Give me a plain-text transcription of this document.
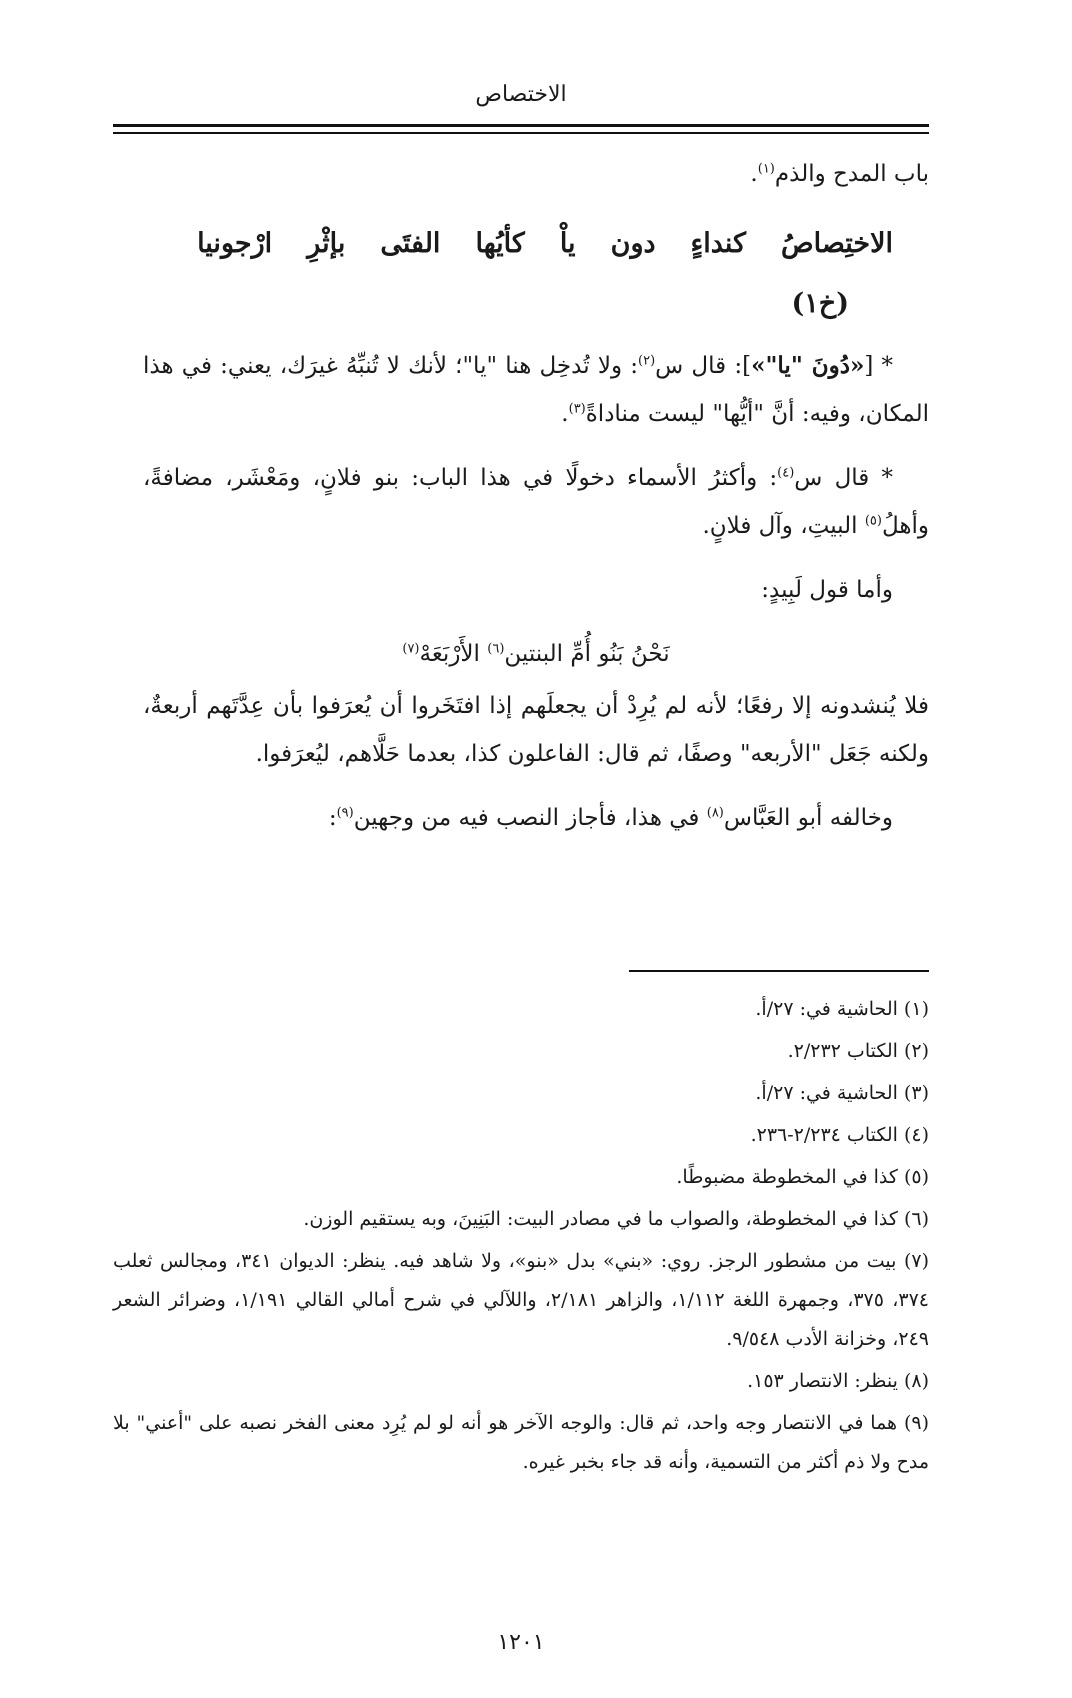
الاختصاص

باب المدح والذم$^{(١)}$.

الاختِصاصُ
كنداءٍ
دون
ياْ
كأيُها
الفتَى
بإثْرِ
ارْجونيا
(خ١)

* [«دُونَ "يا"»]: قال س$^{(٢)}$: ولا تُدخِل هنا "يا"؛ لأنك لا تُنبِّهُ غيرَك، يعني: في هذا المكان، وفيه: أنَّ "أيُّها" ليست مناداةً$^{(٣)}$.

* قال س$^{(٤)}$: وأكثرُ الأسماء دخولًا في هذا الباب: بنو فلانٍ، ومَعْشَر، مضافةً، وأهلُ$^{(٥)}$ البيتِ، وآل فلانٍ.

وأما قول لَبِيدٍ:

نَحْنُ بَنُو أُمِّ البنتين$^{(٦)}$ الأَرْبَعَهْ$^{(٧)}$

فلا يُنشدونه إلا رفعًا؛ لأنه لم يُرِدْ أن يجعلَهم إذا افتَخَروا أن يُعرَفوا بأن عِدَّتَهم أربعةٌ، ولكنه جَعَل "الأربعه" وصفًا، ثم قال: الفاعلون كذا، بعدما حَلَّاهم، ليُعرَفوا.

وخالفه أبو العَبَّاس$^{(٨)}$ في هذا، فأجاز النصب فيه من وجهين$^{(٩)}$:

(١) الحاشية في: ٢٧/أ.

(٢) الكتاب ٢/٢٣٢.

(٣) الحاشية في: ٢٧/أ.

(٤) الكتاب ٢/٢٣٤-٢٣٦.

(٥) كذا في المخطوطة مضبوطًا.

(٦) كذا في المخطوطة، والصواب ما في مصادر البيت: البَنِينَ، وبه يستقيم الوزن.

(٧) بيت من مشطور الرجز. روي: «بني» بدل «بنو»، ولا شاهد فيه. ينظر: الديوان ٣٤١، ومجالس ثعلب ٣٧٤، ٣٧٥، وجمهرة اللغة ١/١١٢، والزاهر ٢/١٨١، واللآلي في شرح أمالي القالي ١/١٩١، وضرائر الشعر ٢٤٩، وخزانة الأدب ٩/٥٤٨.

(٨) ينظر: الانتصار ١٥٣.

(٩) هما في الانتصار وجه واحد، ثم قال: والوجه الآخر هو أنه لو لم يُرِد معنى الفخر نصبه على "أعني" بلا مدح ولا ذم أكثر من التسمية، وأنه قد جاء بخبر غيره.

١٢٠١
